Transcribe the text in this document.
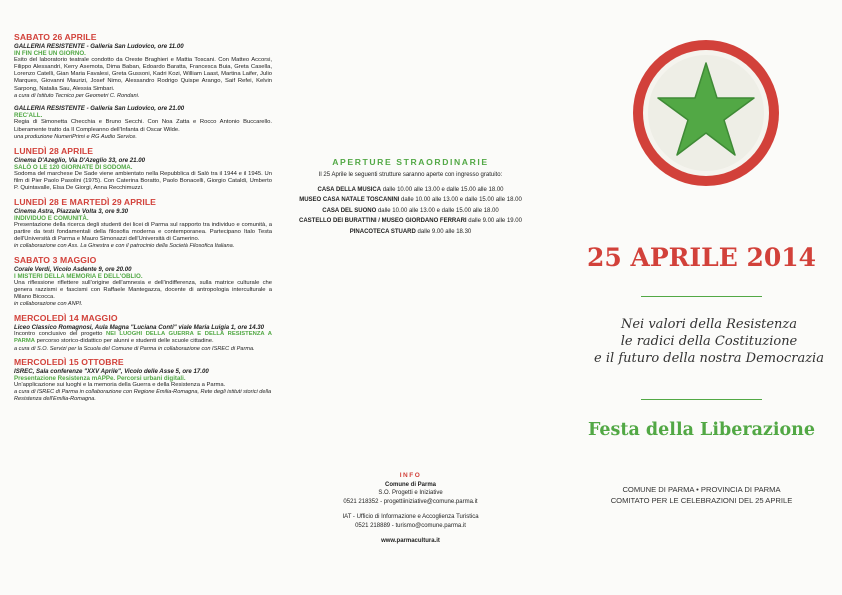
SABATO 26 APRILE

GALLERIA RESISTENTE - Galleria San Ludovico, ore 11.00

IN FIN CHE UN GIORNO.

Esito del laboratorio teatrale condotto da Oreste Braghieri e Mattia Toscani. Con Matteo Accorsi, Filippo Alessandri, Kerry Asemota, Dima Baban, Edoardo Baratta, Francesca Buia, Greta Casella, Lorenzo Catelli, Gian Maria Favalesi, Greta Gussoni, Kadri Kozi, William Laast, Martina Laifer, Julio Marques, Giovanni Maurizi, Josef Nimo, Alessandro Rodrigo Quispe Arango, Saif Refei, Kelvin Sarpong, Natalia Sau, Alessia Simbari.

a cura di Istituto Tecnico per Geometri C. Rondani.

GALLERIA RESISTENTE - Galleria San Ludovico, ore 21.00

REC'ALL.

Regia di Simonetta Checchia e Bruno Secchi. Con Noa Zatta e Rocco Antonio Buccarello. Liberamente tratto da Il Compleanno dell'Infanta di Oscar Wilde.

una produzione NumeriPrimi e RG Audio Service.

LUNEDÌ 28 APRILE

Cinema D'Azeglio, Via D'Azeglio 33, ore 21.00

SALÒ O LE 120 GIORNATE DI SODOMA.

Sodoma del marchese De Sade viene ambientato nella Repubblica di Salò tra il 1944 e il 1945. Un film di Pier Paolo Pasolini (1975). Con Caterina Boratto, Paolo Bonacelli, Giorgio Cataldi, Umberto P. Quintavalle, Elsa De Giorgi, Anna Recchimuzzi.

LUNEDÌ 28 E MARTEDÌ 29 APRILE

Cinema Astra, Piazzale Volta 3, ore 9.30

INDIVIDUO E COMUNITÀ.

Presentazione della ricerca degli studenti dei licei di Parma sul rapporto tra individuo e comunità, a partire da testi fondamentali della filosofia moderna e contemporanea. Partecipano Italo Testa dell'Università di Parma e Mauro Simonazzi dell'Università di Camerino.

in collaborazione con Ass. La Ginestra e con il patrocinio della Società Filosofica Italiana.

SABATO 3 MAGGIO

Corale Verdi, Vicolo Asdente 9, ore 20.00

I MISTERI DELLA MEMORIA E DELL'OBLIO.

Una riflessione riflettere sull'origine dell'amnesia e dell'indifferenza, sulla matrice culturale che genera razzismi e fascismi con Raffaele Mantegazza, docente di antropologia interculturale a Milano Bicocca.

in collaborazione con ANPI.

MERCOLEDÌ 14 MAGGIO

Liceo Classico Romagnosi, Aula Magna "Luciana Conti" viale Maria Luigia 1, ore 14.30

Incontro conclusivo del progetto NEI LUOGHI DELLA GUERRA E DELLA RESISTENZA A PARMA percorso storico-didattico per alunni e studenti delle scuole cittadine.

a cura di S.O. Servizi per la Scuola del Comune di Parma in collaborazione con ISREC di Parma.

MERCOLEDÌ 15 OTTOBRE

ISREC, Sala conferenze "XXV Aprile", Vicolo delle Asse 5, ore 17.00

Presentazione Resistenza mAPPe. Percorsi urbani digitali.

Un'applicazione sui luoghi e la memoria della Guerra e della Resistenza a Parma.

a cura di ISREC di Parma in collaborazione con Regione Emilia-Romagna, Rete degli istituti storici della Resistenza dell'Emilia-Romagna.

APERTURE STRAORDINARIE
Il 25 Aprile le seguenti strutture saranno aperte con ingresso gratuito:
CASA DELLA MUSICA dalle 10.00 alle 13.00 e dalle 15.00 alle 18.00
MUSEO CASA NATALE TOSCANINI dalle 10.00 alle 13.00 e dalle 15.00 alle 18.00
CASA DEL SUONO dalle 10.00 alle 13.00 e dalle 15.00 alle 18.00
CASTELLO DEI BURATTINI / MUSEO GIORDANO FERRARI dalle 9.00 alle 19.00
PINACOTECA STUARD dalle 9.00 alle 18.30
INFO
Comune di Parma
S.O. Progetti e Iniziative
0521 218352 - progettiiniziative@comune.parma.it
IAT - Ufficio di Informazione e Accoglienza Turistica
0521 218889 - turismo@comune.parma.it
www.parmacultura.it
25 APRILE 2014
Nei valori della Resistenza
le radici della Costituzione
e il futuro della nostra Democrazia
Festa della Liberazione
COMUNE DI PARMA • PROVINCIA DI PARMA
COMITATO PER LE CELEBRAZIONI DEL 25 APRILE
